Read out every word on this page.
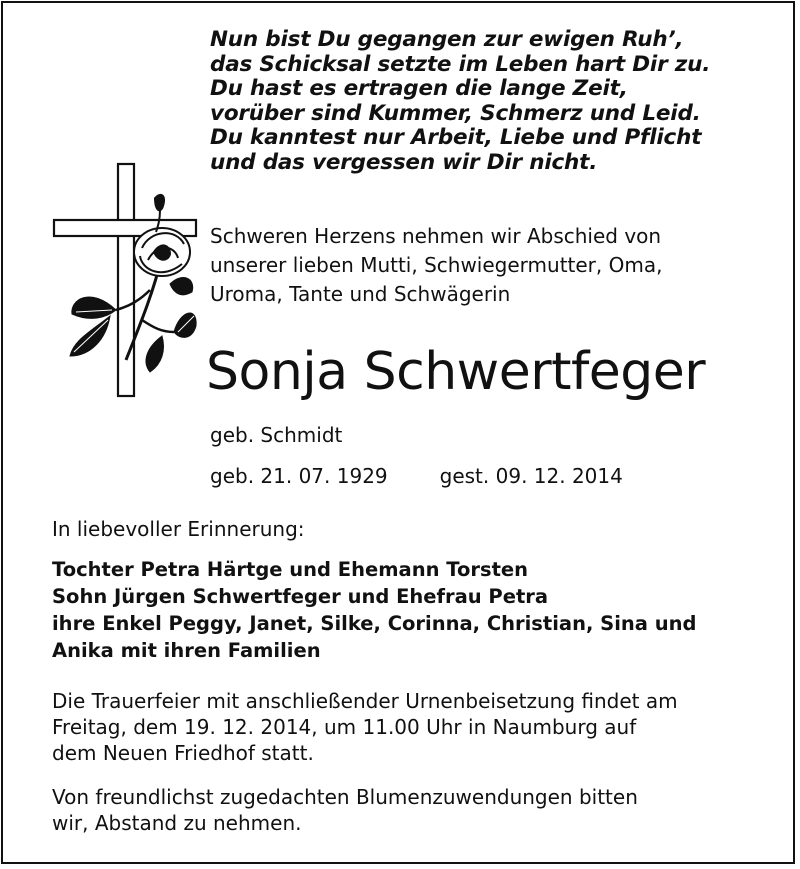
Nun bist Du gegangen zur ewigen Ruh’,
das Schicksal setzte im Leben hart Dir zu.
Du hast es ertragen die lange Zeit,
vorüber sind Kummer, Schmerz und Leid.
Du kanntest nur Arbeit, Liebe und Pflicht
und das vergessen wir Dir nicht.
Schweren Herzens nehmen wir Abschied von
unserer lieben Mutti, Schwiegermutter, Oma,
Uroma, Tante und Schwägerin
Sonja Schwertfeger
geb. Schmidt
geb. 21. 07. 1929	gest. 09. 12. 2014
In liebevoller Erinnerung:
Tochter Petra Härtge und Ehemann Torsten
Sohn Jürgen Schwertfeger und Ehefrau Petra
ihre Enkel Peggy, Janet, Silke, Corinna, Christian, Sina und
Anika mit ihren Familien
Die Trauerfeier mit anschließender Urnenbeisetzung findet am
Freitag, dem 19. 12. 2014, um 11.00 Uhr in Naumburg auf
dem Neuen Friedhof statt.
Von freundlichst zugedachten Blumenzuwendungen bitten
wir, Abstand zu nehmen.
